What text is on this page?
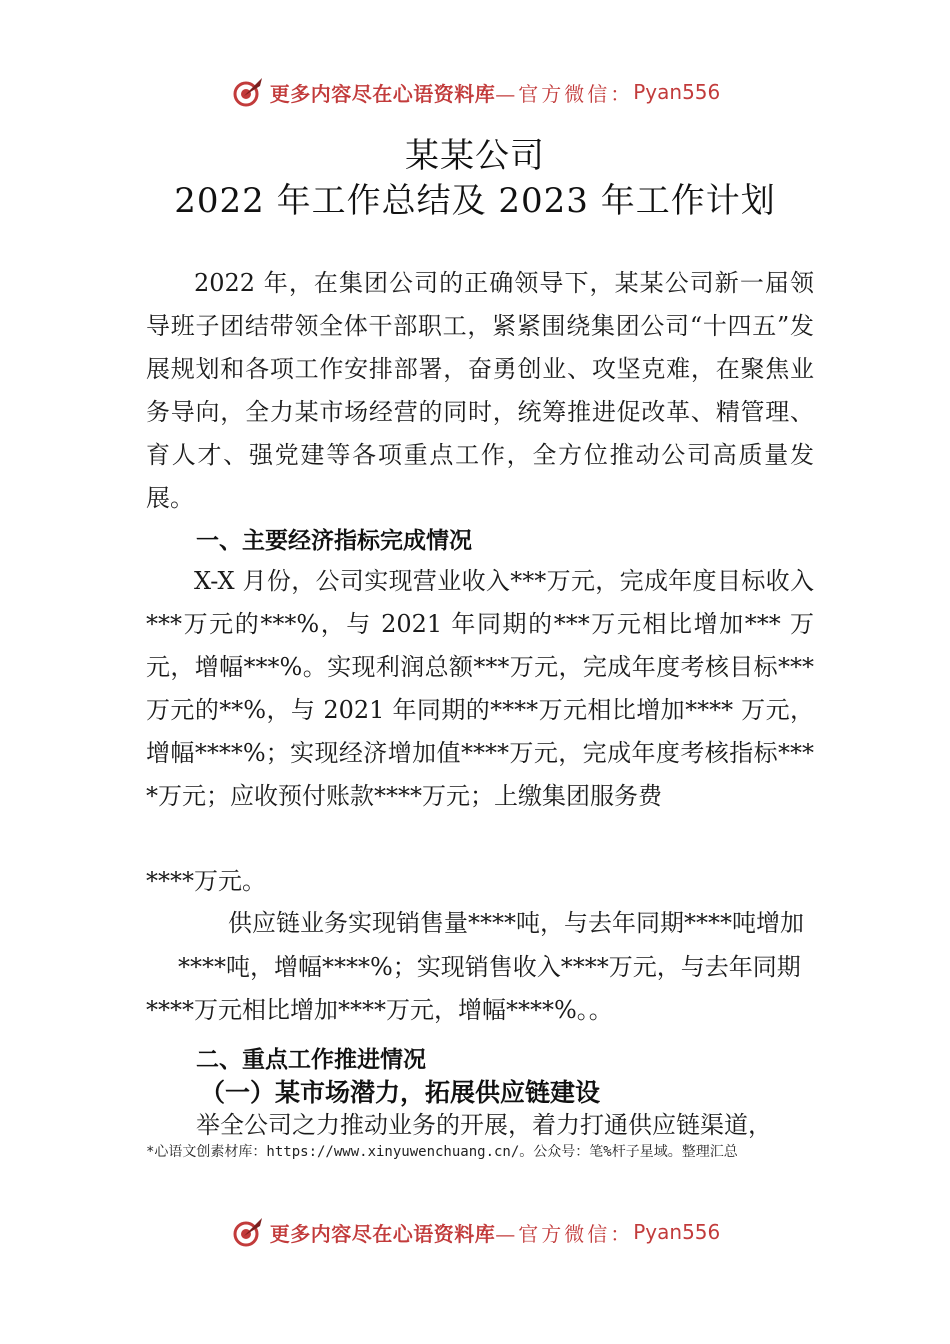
更多内容尽在心语资料库 —官方微信： Pyan556
某某公司
2022 年工作总结及 2023 年工作计划
2022 年，在集团公司的正确领导下，某某公司新一届领导班子团结带领全体干部职工，紧紧围绕集团公司“十四五”发展规划和各项工作安排部署，奋勇创业、攻坚克难，在聚焦业务导向，全力某市场经营的同时，统筹推进促改革、精管理、育人才、强党建等各项重点工作，全方位推动公司高质量发展。
一、主要经济指标完成情况
X-X 月份，公司实现营业收入***万元，完成年度目标收入***万元的***%，与 2021 年同期的***万元相比增加*** 万元，增幅***%。实现利润总额***万元，完成年度考核目标***万元的**%，与 2021 年同期的****万元相比增加**** 万元，增幅****%；实现经济增加值****万元，完成年度考核指标****万元；应收预付账款****万元；上缴集团服务费
****万元。
供应链业务实现销售量****吨，与去年同期****吨增加
****吨，增幅****%；实现销售收入****万元，与去年同期
****万元相比增加****万元，增幅****%。。
二、重点工作推进情况
（一）某市场潜力，拓展供应链建设
举全公司之力推动业务的开展，着力打通供应链渠道，
*心语文创素材库：https://www.xinyuwenchuang.cn/。公众号：笔%杆子星域。整理汇总
更多内容尽在心语资料库 —官方微信： Pyan556
